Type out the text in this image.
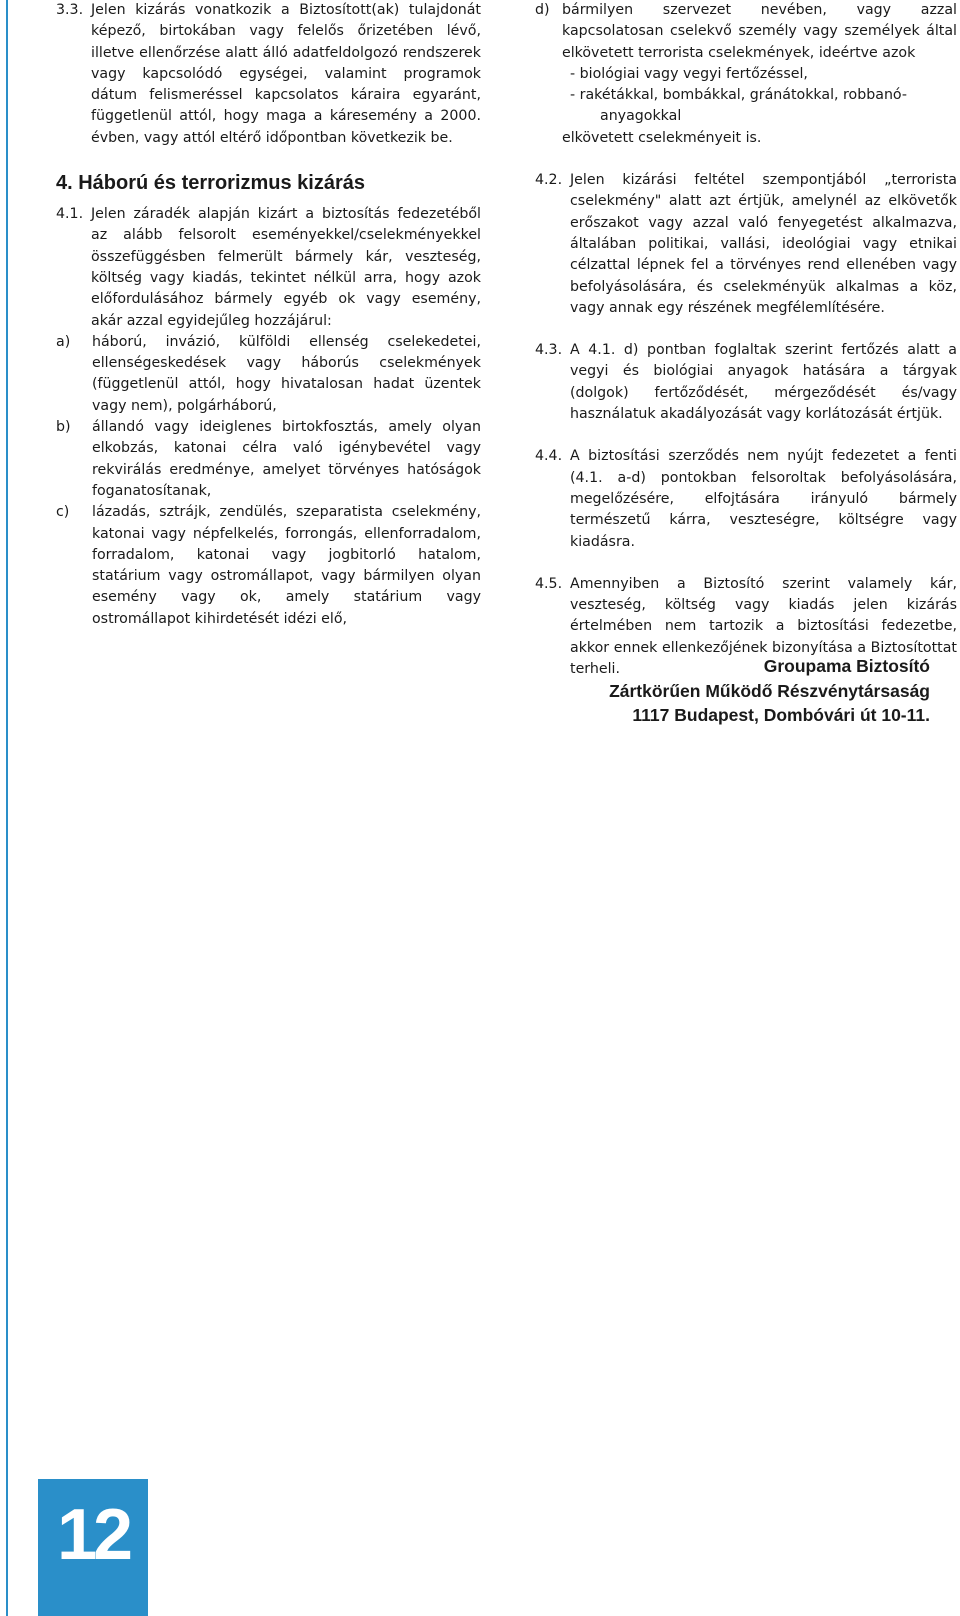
3.3. Jelen kizárás vonatkozik a Biztosított(ak) tulajdonát képező, birtokában vagy felelős őrizetében lévő, illetve ellenőrzése alatt álló adatfeldolgozó rendszerek vagy kapcsolódó egységei, valamint programok dátum felismeréssel kapcsolatos káraira egyaránt, függetlenül attól, hogy maga a káresemény a 2000. évben, vagy attól eltérő időpontban következik be.
4. Háború és terrorizmus kizárás
4.1. Jelen záradék alapján kizárt a biztosítás fedezetéből az alább felsorolt eseményekkel/cselekményekkel összefüggésben felmerült bármely kár, veszteség, költség vagy kiadás, tekintet nélkül arra, hogy azok előfordulásához bármely egyéb ok vagy esemény, akár azzal egyidejűleg hozzájárul:
a)	háború, invázió, külföldi ellenség cselekedetei, ellenségeskedések vagy háborús cselekmények (függetlenül attól, hogy hivatalosan hadat üzentek vagy nem), polgárháború,
b)	állandó vagy ideiglenes birtokfosztás, amely olyan elkobzás, katonai célra való igénybevétel vagy rekvirálás eredménye, amelyet törvényes hatóságok foganatosítanak,
c)	lázadás, sztrájk, zendülés, szeparatista cselekmény, katonai vagy népfelkelés, forrongás, ellenforradalom, forradalom, katonai vagy jogbitorló hatalom, statárium vagy ostromállapot, vagy bármilyen olyan esemény vagy ok, amely statárium vagy ostromállapot kihirdetését idézi elő,
d) bármilyen szervezet nevében, vagy azzal kapcsolatosan cselekvő személy vagy személyek által elkövetett terrorista cselekmények, ideértve azok
- biológiai vagy vegyi fertőzéssel,
- rakétákkal, bombákkal, gránátokkal, robbanó-
anyagokkal
elkövetett cselekményeit is.
4.2. Jelen kizárási feltétel szempontjából „terrorista cselekmény" alatt azt értjük, amelynél az elkövetők erőszakot vagy azzal való fenyegetést alkalmazva, általában politikai, vallási, ideológiai vagy etnikai célzattal lépnek fel a törvényes rend ellenében vagy befolyásolására, és cselekményük alkalmas a köz, vagy annak egy részének megfélemlítésére.
4.3. A 4.1. d) pontban foglaltak szerint fertőzés alatt a vegyi és biológiai anyagok hatására a tárgyak (dolgok) fertőződését, mérgeződését és/vagy használatuk akadályozását vagy korlátozását értjük.
4.4. A biztosítási szerződés nem nyújt fedezetet a fenti (4.1. a-d) pontokban felsoroltak befolyásolására, megelőzésére, elfojtására irányuló bármely természetű kárra, veszteségre, költségre vagy kiadásra.
4.5. Amennyiben a Biztosító szerint valamely kár, veszteség, költség vagy kiadás jelen kizárás értelmében nem tartozik a biztosítási fedezetbe, akkor ennek ellenkezőjének bizonyítása a Biztosítottat terheli.	Groupama Biztosító
Zártkörűen Működő Részvénytársaság
1117 Budapest, Dombóvári út 10-11.
12
